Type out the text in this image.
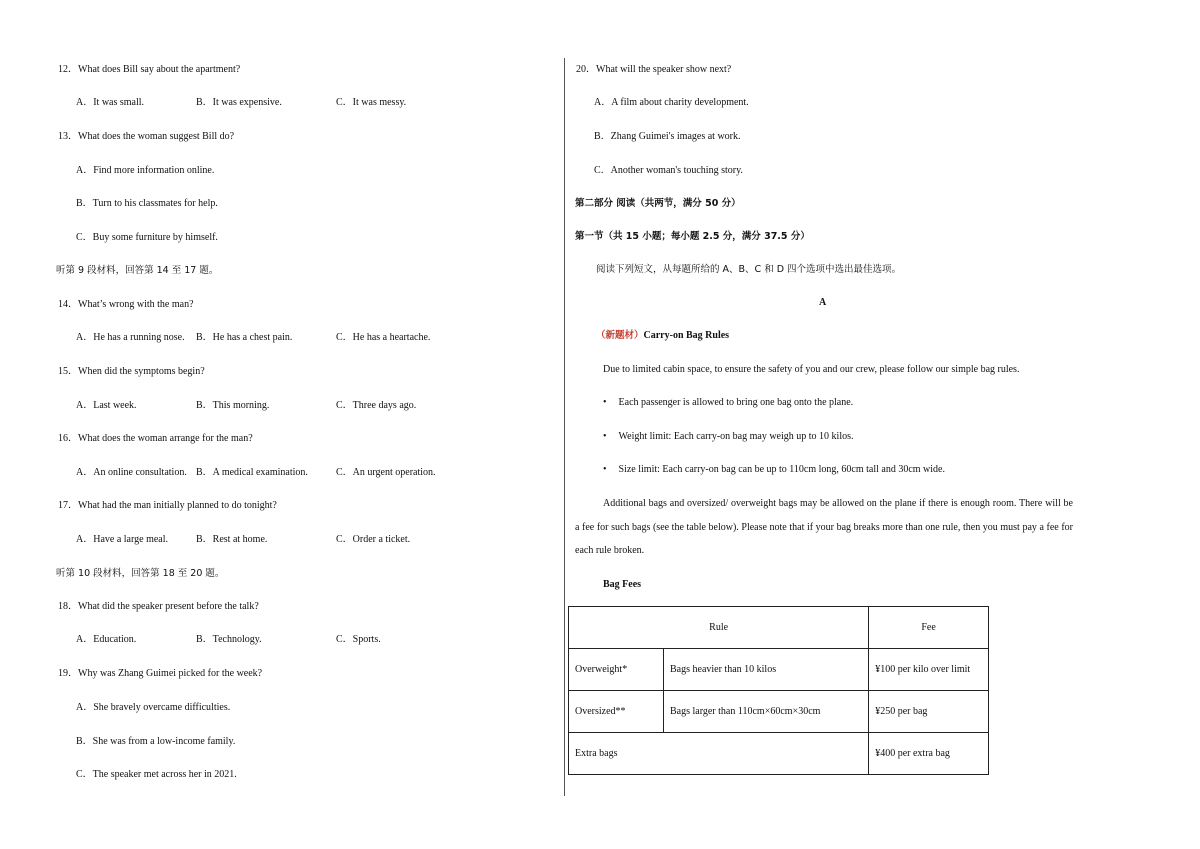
12．What does Bill say about the apartment?
A．It was small.	B．It was expensive.	C．It was messy.
13．What does the woman suggest Bill do?
A．Find more information online.
B．Turn to his classmates for help.
C．Buy some furniture by himself.
听第 9 段材料，回答第 14 至 17 题。
14．What’s wrong with the man?
A．He has a running nose. B．He has a chest pain.	C．He has a heartache.
15．When did the symptoms begin?
A．Last week.	B．This morning.	C．Three days ago.
16．What does the woman arrange for the man?
A．An online consultation. B．A medical examination.	C．An urgent operation.
17．What had the man initially planned to do tonight?
A．Have a large meal.	B．Rest at home.	C．Order a ticket.
听第 10 段材料，回答第 18 至 20 题。
18．What did the speaker present before the talk?
A．Education.	B．Technology.	C．Sports.
19．Why was Zhang Guimei picked for the week?
A．She bravely overcame difficulties.
B．She was from a low-income family.
C．The speaker met across her in 2021.
20．What will the speaker show next?
A．A film about charity development.
B．Zhang Guimei's images at work.
C．Another woman's touching story.
第二部分 阅读（共两节，满分 50 分）
第一节（共 15 小题；每小题 2.5 分，满分 37.5 分）
阅读下列短文，从每题所给的 A、B、C 和 D 四个选项中选出最佳选项。
A
（新题材）Carry-on Bag Rules
Due to limited cabin space, to ensure the safety of you and our crew, please follow our simple bag rules.
• Each passenger is allowed to bring one bag onto the plane.
• Weight limit: Each carry-on bag may weigh up to 10 kilos.
• Size limit: Each carry-on bag can be up to 110cm long, 60cm tall and 30cm wide.
Additional bags and oversized/ overweight bags may be allowed on the plane if there is enough room. There will be a fee for such bags (see the table below). Please note that if your bag breaks more than one rule, then you must pay a fee for each rule broken.
Bag Fees
Rule		Fee
Overweight*	Bags heavier than 10 kilos	¥100 per kilo over limit
Oversized**	Bags larger than 110cm×60cm×30cm	¥250 per bag
Extra bags		¥400 per extra bag
